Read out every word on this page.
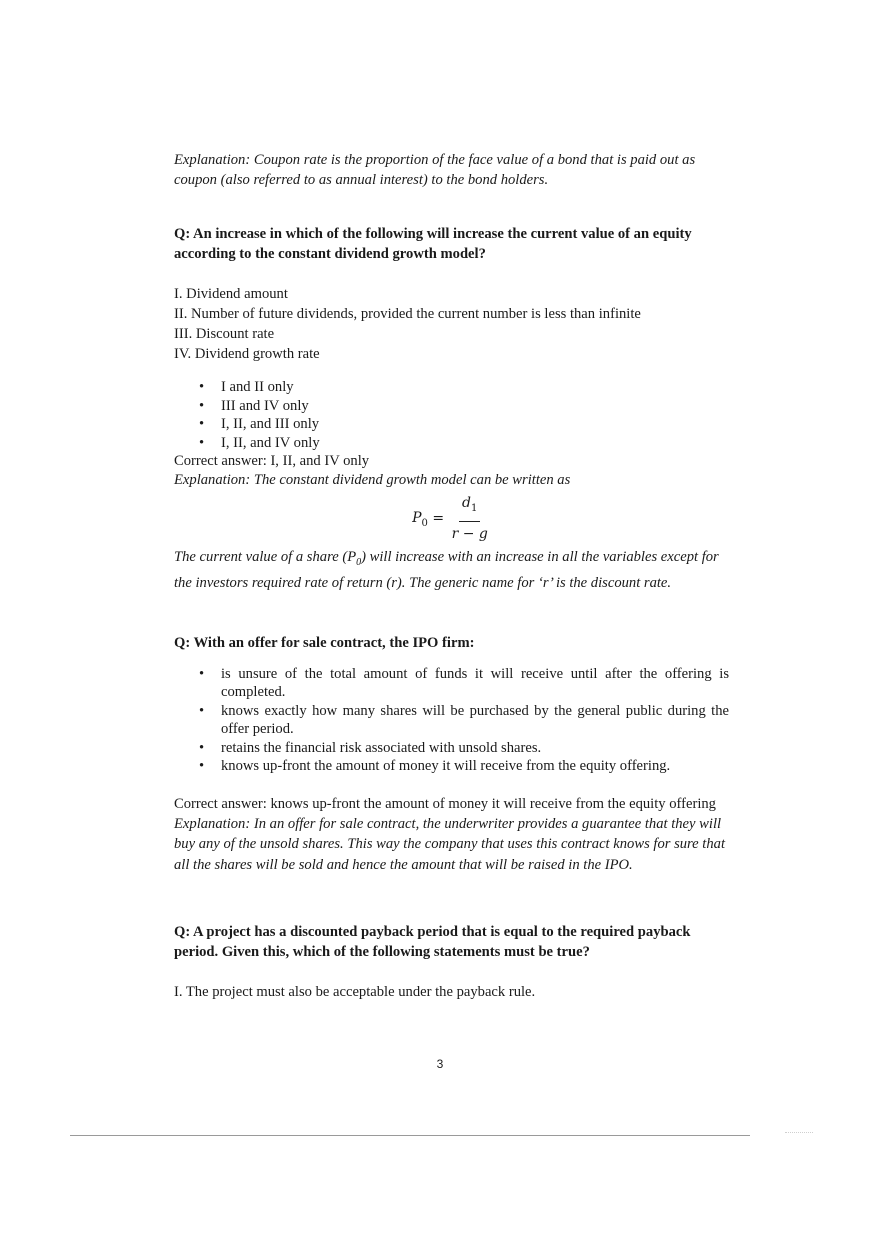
Explanation: Coupon rate is the proportion of the face value of a bond that is paid out as coupon (also referred to as annual interest) to the bond holders.

Q: An increase in which of the following will increase the current value of an equity according to the constant dividend growth model?

I. Dividend amount
II. Number of future dividends, provided the current number is less than infinite
III. Discount rate
IV. Dividend growth rate
• I and II only
• III and IV only
• I, II, and III only
• I, II, and IV only
Correct answer: I, II, and IV only
Explanation: The constant dividend growth model can be written as
$P_0 = \frac{d_1}{r - g}$

The current value of a share $(P_0)$ will increase with an increase in all the variables except for the investors required rate of return (r). The generic name for ‘r’ is the discount rate.

Q: With an offer for sale contract, the IPO firm:

• is unsure of the total amount of funds it will receive until after the offering is completed.
• knows exactly how many shares will be purchased by the general public during the offer period.
• retains the financial risk associated with unsold shares.
• knows up-front the amount of money it will receive from the equity offering.

Correct answer: knows up-front the amount of money it will receive from the equity offering

Explanation: In an offer for sale contract, the underwriter provides a guarantee that they will buy any of the unsold shares. This way the company that uses this contract knows for sure that all the shares will be sold and hence the amount that will be raised in the IPO.

Q: A project has a discounted payback period that is equal to the required payback period. Given this, which of the following statements must be true?

I. The project must also be acceptable under the payback rule.

3
